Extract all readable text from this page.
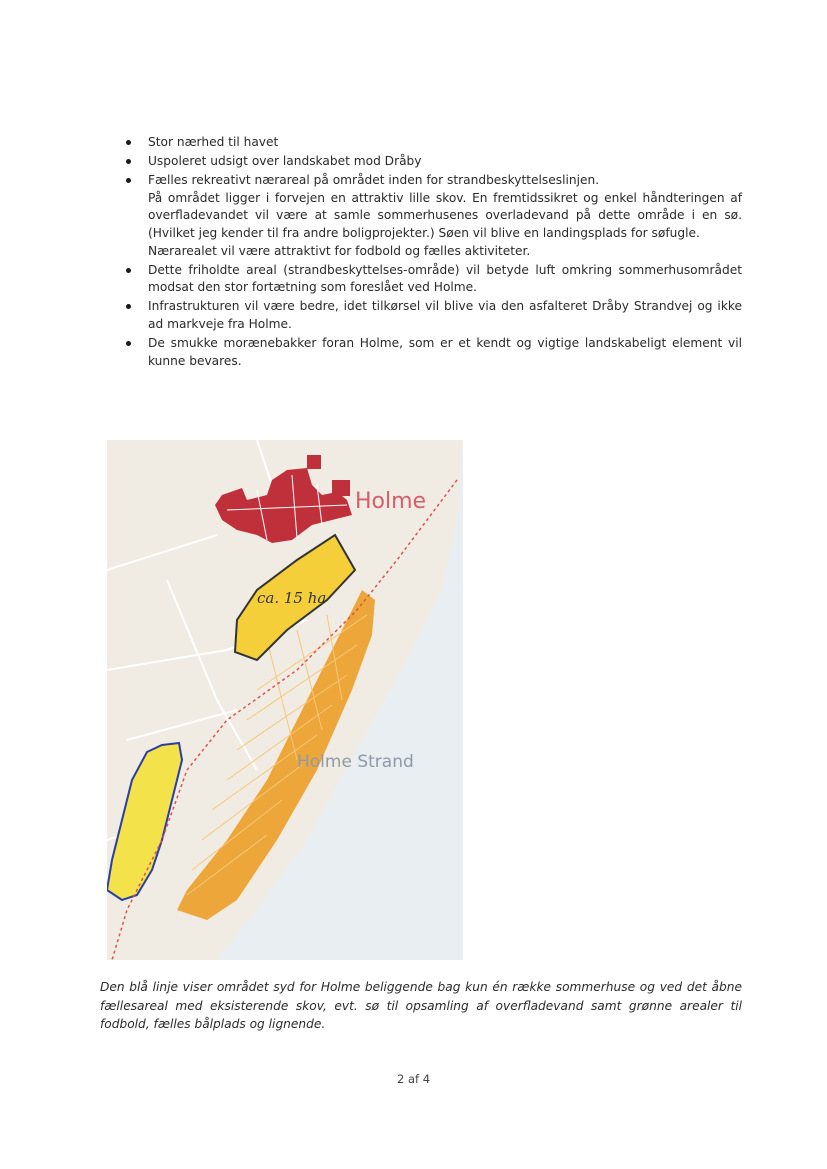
Stor nærhed til havet

Uspoleret udsigt over landskabet mod Dråby

Fælles rekreativt nærareal på området inden for strandbeskyttelseslinjen.

På området ligger i forvejen en attraktiv lille skov. En fremtidssikret og enkel håndteringen af overfladevandet vil være at samle sommerhusenes overladevand på dette område i en sø. (Hvilket jeg kender til fra andre boligprojekter.) Søen vil blive en landingsplads for søfugle.

Nærarealet vil være attraktivt for fodbold og fælles aktiviteter.

Dette friholdte areal (strandbeskyttelses-område) vil betyde luft omkring sommerhusområdet modsat den stor fortætning som foreslået ved Holme.

Infrastrukturen vil være bedre, idet tilkørsel vil blive via den asfalteret Dråby Strandvej og ikke ad markveje fra Holme.

De smukke morænebakker foran Holme, som er et kendt og vigtige landskabeligt element vil kunne bevares.

Holme
ca. 15 ha
Holme Strand

Den blå linje viser området syd for Holme beliggende bag kun én række sommerhuse og ved det åbne fællesareal med eksisterende skov, evt. sø til opsamling af overfladevand samt grønne arealer til fodbold, fælles bålplads og lignende.

2 af 4
